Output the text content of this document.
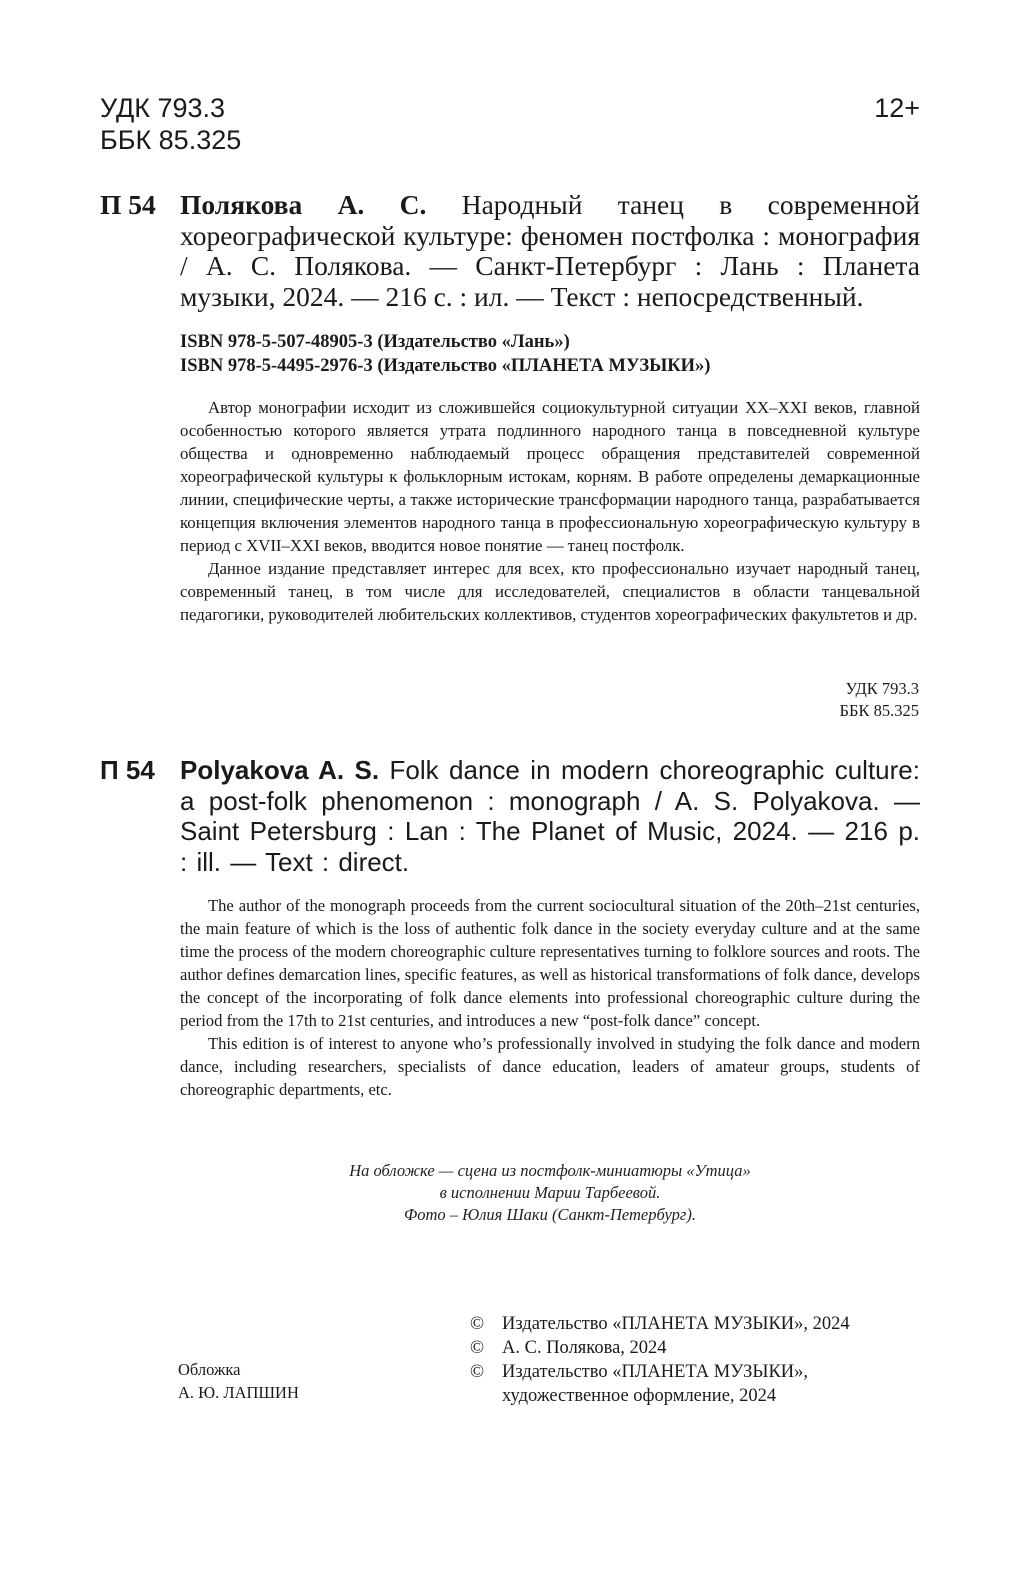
УДК 793.3
ББК 85.325
12+
П 54 Полякова А. С. Народный танец в современной хореографической культуре: феномен постфолка : монография / А. С. Полякова. — Санкт-Петербург : Лань : Планета музыки, 2024. — 216 с. : ил. — Текст : непосредственный.
ISBN 978-5-507-48905-3 (Издательство «Лань»)
ISBN 978-5-4495-2976-3 (Издательство «ПЛАНЕТА МУЗЫКИ»)

Автор монографии исходит из сложившейся социокультурной ситуации XX–XXI веков, главной особенностью которого является утрата подлинного народного танца в повседневной культуре общества и одновременно наблюдаемый процесс обращения представителей современной хореографической культуры к фольклорным истокам, корням. В работе определены демаркационные линии, специфические черты, а также исторические трансформации народного танца, разрабатывается концепция включения элементов народного танца в профессиональную хореографическую культуру в период с XVII–XXI веков, вводится новое понятие — танец постфолк.

Данное издание представляет интерес для всех, кто профессионально изучает народный танец, современный танец, в том числе для исследователей, специалистов в области танцевальной педагогики, руководителей любительских коллективов, студентов хореографических факультетов и др.

УДК 793.3
ББК 85.325
П 54 Polyakova A. S. Folk dance in modern choreographic culture: a post-folk phenomenon : monograph / A. S. Polyakova. — Saint Petersburg : Lan : The Planet of Music, 2024. — 216 p. : ill. — Text : direct.

The author of the monograph proceeds from the current sociocultural situation of the 20th–21st centuries, the main feature of which is the loss of authentic folk dance in the society everyday culture and at the same time the process of the modern choreographic culture representatives turning to folklore sources and roots. The author defines demarcation lines, specific features, as well as historical transformations of folk dance, develops the concept of the incorporating of folk dance elements into professional choreographic culture during the period from the 17th to 21st centuries, and introduces a new “post-folk dance” concept.

This edition is of interest to anyone who’s professionally involved in studying the folk dance and modern dance, including researchers, specialists of dance education, leaders of amateur groups, students of choreographic departments, etc.

На обложке — сцена из постфолк-миниатюры «Утица»
в исполнении Марии Тарбеевой.
Фото – Юлия Шаки (Санкт-Петербург).
© Издательство «ПЛАНЕТА МУЗЫКИ», 2024
© А. С. Полякова, 2024
© Издательство «ПЛАНЕТА МУЗЫКИ»,
художественное оформление, 2024
Обложка
А. Ю. ЛАПШИН
